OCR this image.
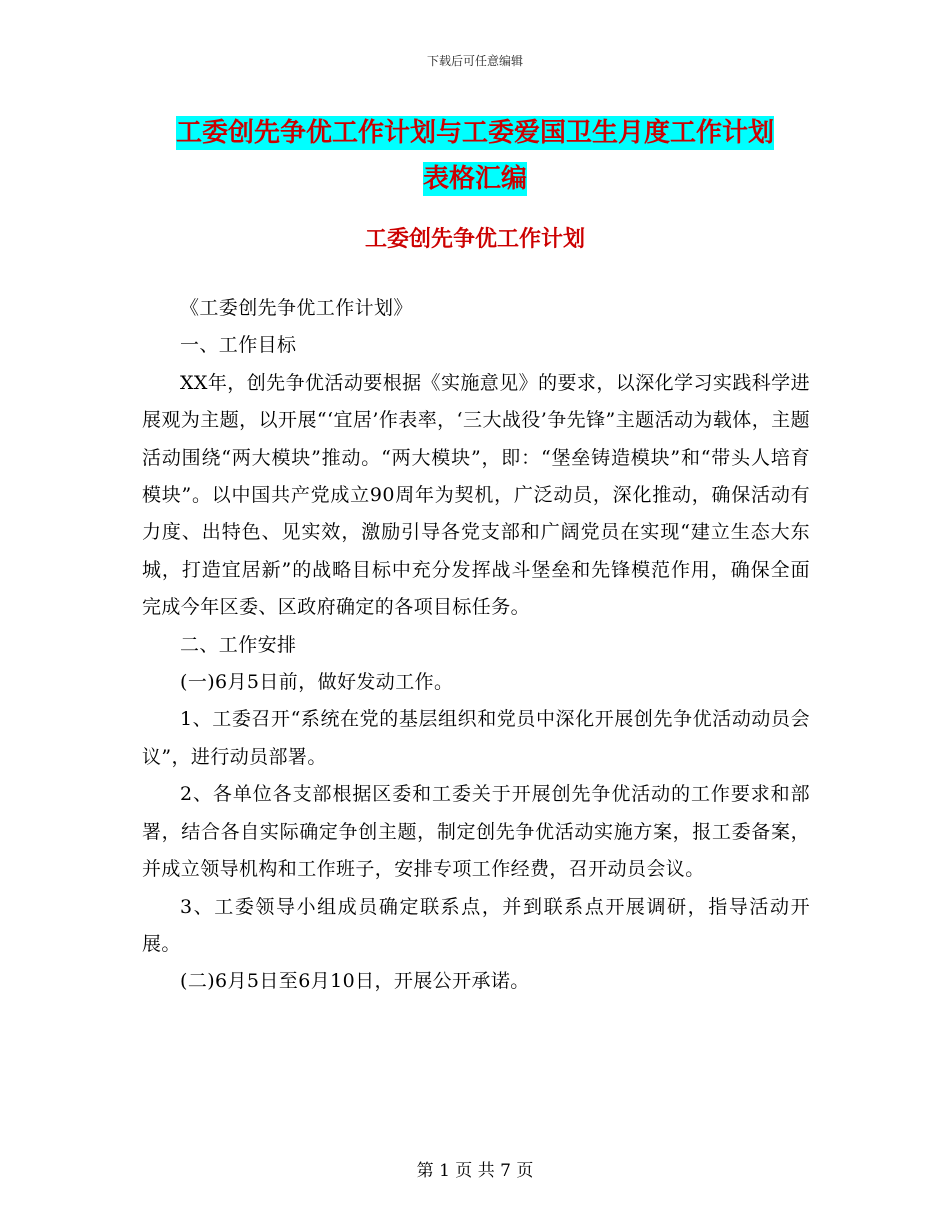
下载后可任意编辑
工委创先争优工作计划与工委爱国卫生月度工作计划
表格汇编
工委创先争优工作计划

《工委创先争优工作计划》

一、工作目标

XX年，创先争优活动要根据《实施意见》的要求，以深化学习实践科学进展观为主题，以开展“‘宜居’作表率，‘三大战役’争先锋”主题活动为载体，主题活动围绕“两大模块”推动。“两大模块”，即：“堡垒铸造模块”和“带头人培育模块”。以中国共产党成立90周年为契机，广泛动员，深化推动，确保活动有力度、出特色、见实效，激励引导各党支部和广阔党员在实现“建立生态大东城，打造宜居新”的战略目标中充分发挥战斗堡垒和先锋模范作用，确保全面完成今年区委、区政府确定的各项目标任务。

二、工作安排

(一)6月5日前，做好发动工作。

1、工委召开“系统在党的基层组织和党员中深化开展创先争优活动动员会议”，进行动员部署。

2、各单位各支部根据区委和工委关于开展创先争优活动的工作要求和部署，结合各自实际确定争创主题，制定创先争优活动实施方案，报工委备案，并成立领导机构和工作班子，安排专项工作经费，召开动员会议。

3、工委领导小组成员确定联系点，并到联系点开展调研，指导活动开展。

(二)6月5日至6月10日，开展公开承诺。

第 1 页 共 7 页
